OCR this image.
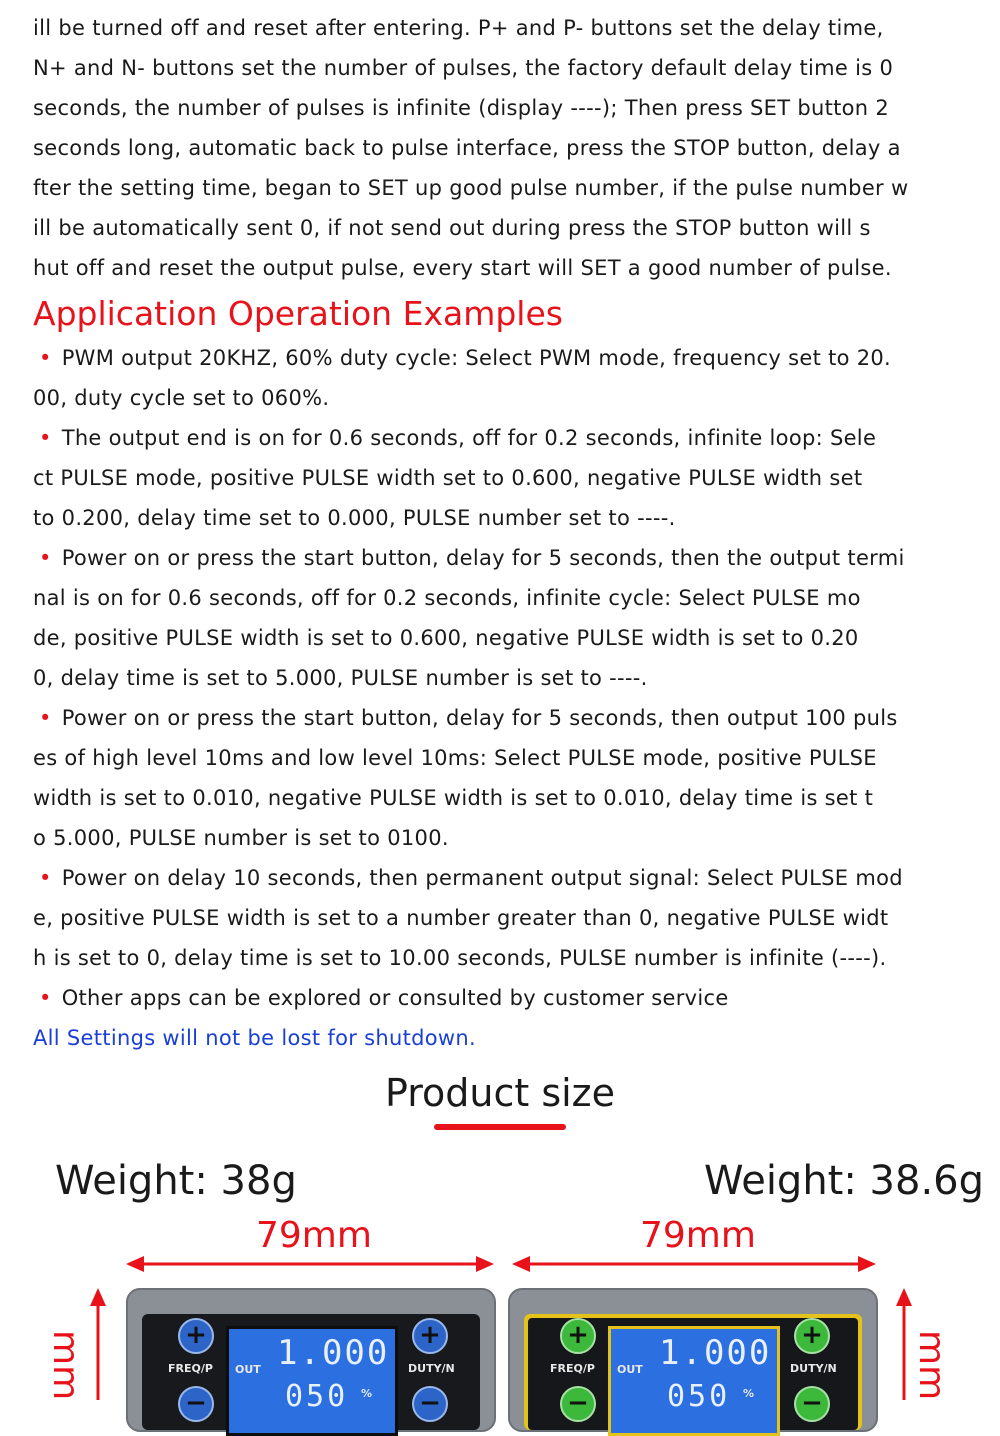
ill be turned off and reset after entering. P+ and P- buttons set the delay time,
N+ and N- buttons set the number of pulses, the factory default delay time is 0
seconds, the number of pulses is infinite (display ----); Then press SET button 2
seconds long, automatic back to pulse interface, press the STOP button, delay a
fter the setting time, began to SET up good pulse number, if the pulse number w
ill be automatically sent 0, if not send out during press the STOP button will s
hut off and reset the output pulse, every start will SET a good number of pulse.
Application Operation Examples
• PWM output 20KHZ, 60% duty cycle: Select PWM mode, frequency set to 20.
00, duty cycle set to 060%.
• The output end is on for 0.6 seconds, off for 0.2 seconds, infinite loop: Sele
ct PULSE mode, positive PULSE width set to 0.600, negative PULSE width set
to 0.200, delay time set to 0.000, PULSE number set to ----.
• Power on or press the start button, delay for 5 seconds, then the output termi
nal is on for 0.6 seconds, off for 0.2 seconds, infinite cycle: Select PULSE mo
de, positive PULSE width is set to 0.600, negative PULSE width is set to 0.20
0, delay time is set to 5.000, PULSE number is set to ----.
• Power on or press the start button, delay for 5 seconds, then output 100 puls
es of high level 10ms and low level 10ms: Select PULSE mode, positive PULSE
width is set to 0.010, negative PULSE width is set to 0.010, delay time is set t
o 5.000, PULSE number is set to 0100.
• Power on delay 10 seconds, then permanent output signal: Select PULSE mod
e, positive PULSE width is set to a number greater than 0, negative PULSE widt
h is set to 0, delay time is set to 10.00 seconds, PULSE number is infinite (----).
• Other apps can be explored or consulted by customer service
All Settings will not be lost for shutdown.
Product size
Weight: 38g	Weight: 38.6g
79mm	79mm
mm	mm
+
−
FREQ/P
+
−
DUTY/N
OUT 1.000
050 %
+
−
FREQ/P
+
−
DUTY/N
OUT 1.000
050 %
